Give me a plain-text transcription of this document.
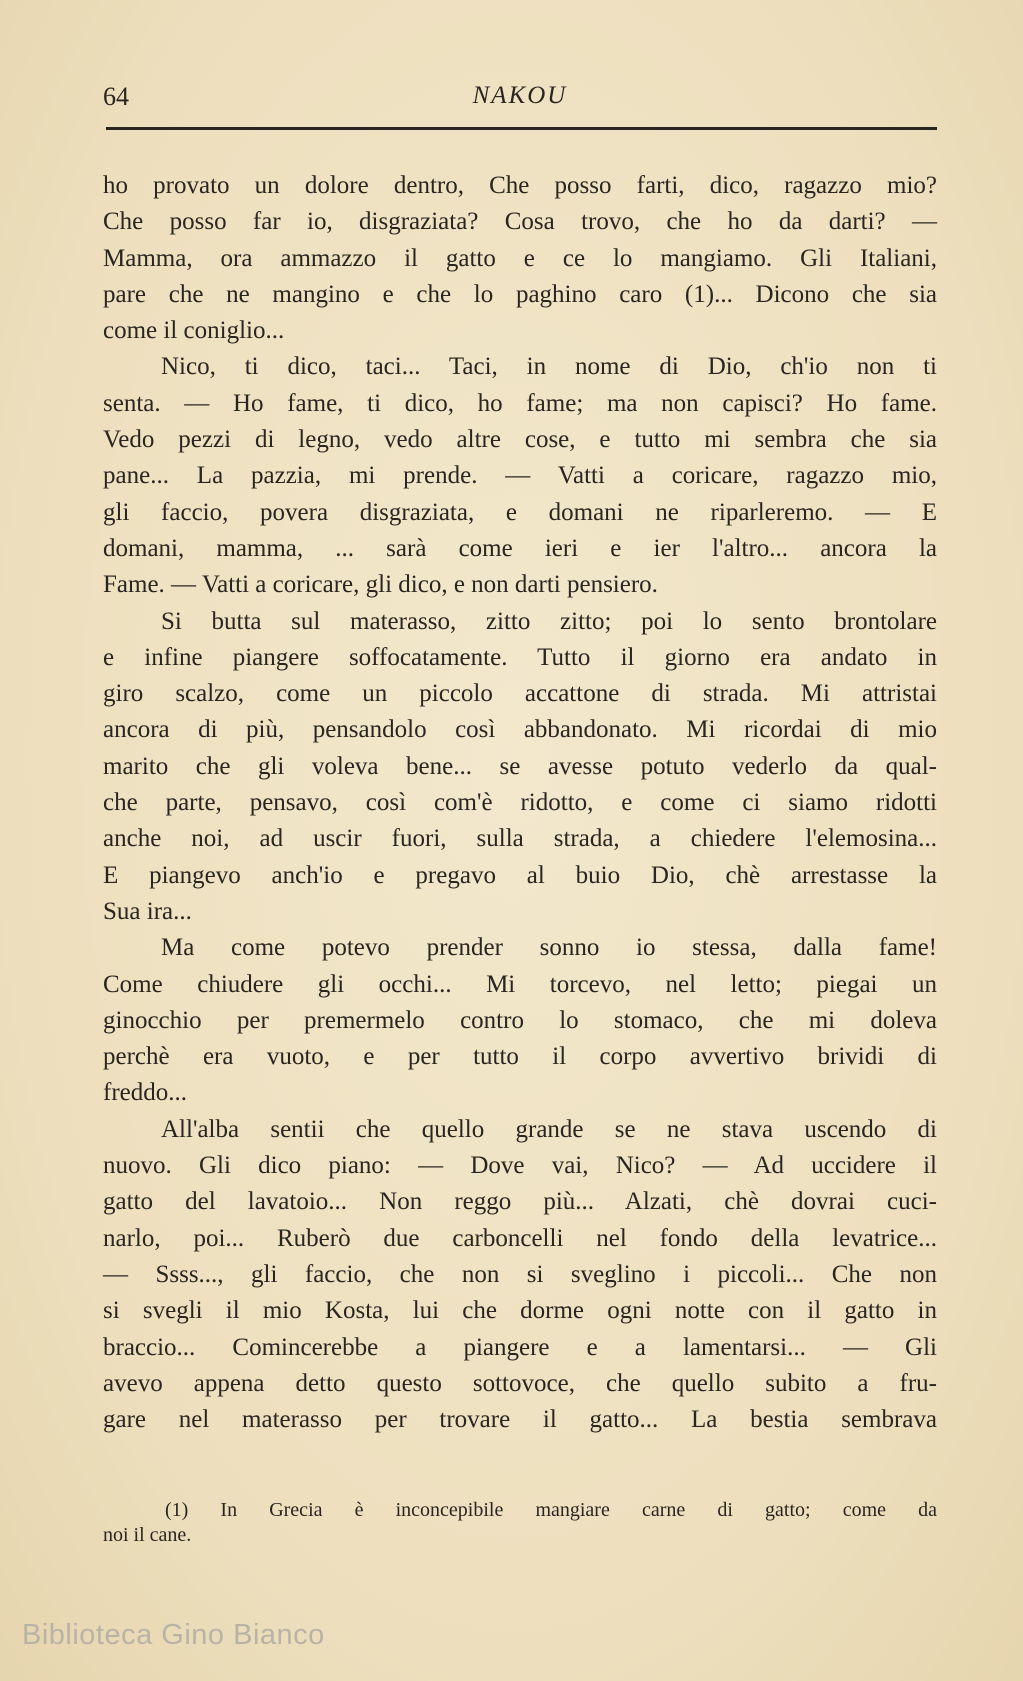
64	NAKOU
ho provato un dolore dentro, Che posso farti, dico, ragazzo mio?
Che posso far io, disgraziata? Cosa trovo, che ho da darti? —
Mamma, ora ammazzo il gatto e ce lo mangiamo. Gli Italiani,
pare che ne mangino e che lo paghino caro (1)... Dicono che sia
come il coniglio...
Nico, ti dico, taci... Taci, in nome di Dio, ch'io non ti
senta. — Ho fame, ti dico, ho fame; ma non capisci? Ho fame.
Vedo pezzi di legno, vedo altre cose, e tutto mi sembra che sia
pane... La pazzia, mi prende. — Vatti a coricare, ragazzo mio,
gli faccio, povera disgraziata, e domani ne riparleremo. — E
domani, mamma, ... sarà come ieri e ier l'altro... ancora la
Fame. — Vatti a coricare, gli dico, e non darti pensiero.
Si butta sul materasso, zitto zitto; poi lo sento brontolare
e infine piangere soffocatamente. Tutto il giorno era andato in
giro scalzo, come un piccolo accattone di strada. Mi attristai
ancora di più, pensandolo così abbandonato. Mi ricordai di mio
marito che gli voleva bene... se avesse potuto vederlo da qual-
che parte, pensavo, così com'è ridotto, e come ci siamo ridotti
anche noi, ad uscir fuori, sulla strada, a chiedere l'elemosina...
E piangevo anch'io e pregavo al buio Dio, chè arrestasse la
Sua ira...
Ma come potevo prender sonno io stessa, dalla fame!
Come chiudere gli occhi... Mi torcevo, nel letto; piegai un
ginocchio per premermelo contro lo stomaco, che mi doleva
perchè era vuoto, e per tutto il corpo avvertivo brividi di
freddo...
All'alba sentii che quello grande se ne stava uscendo di
nuovo. Gli dico piano: — Dove vai, Nico? — Ad uccidere il
gatto del lavatoio... Non reggo più... Alzati, chè dovrai cuci-
narlo, poi... Ruberò due carboncelli nel fondo della levatrice...
— Ssss..., gli faccio, che non si sveglino i piccoli... Che non
si svegli il mio Kosta, lui che dorme ogni notte con il gatto in
braccio... Comincerebbe a piangere e a lamentarsi... — Gli
avevo appena detto questo sottovoce, che quello subito a fru-
gare nel materasso per trovare il gatto... La bestia sembrava
(1) In Grecia è inconcepibile mangiare carne di gatto; come da
noi il cane.
Biblioteca Gino Bianco
